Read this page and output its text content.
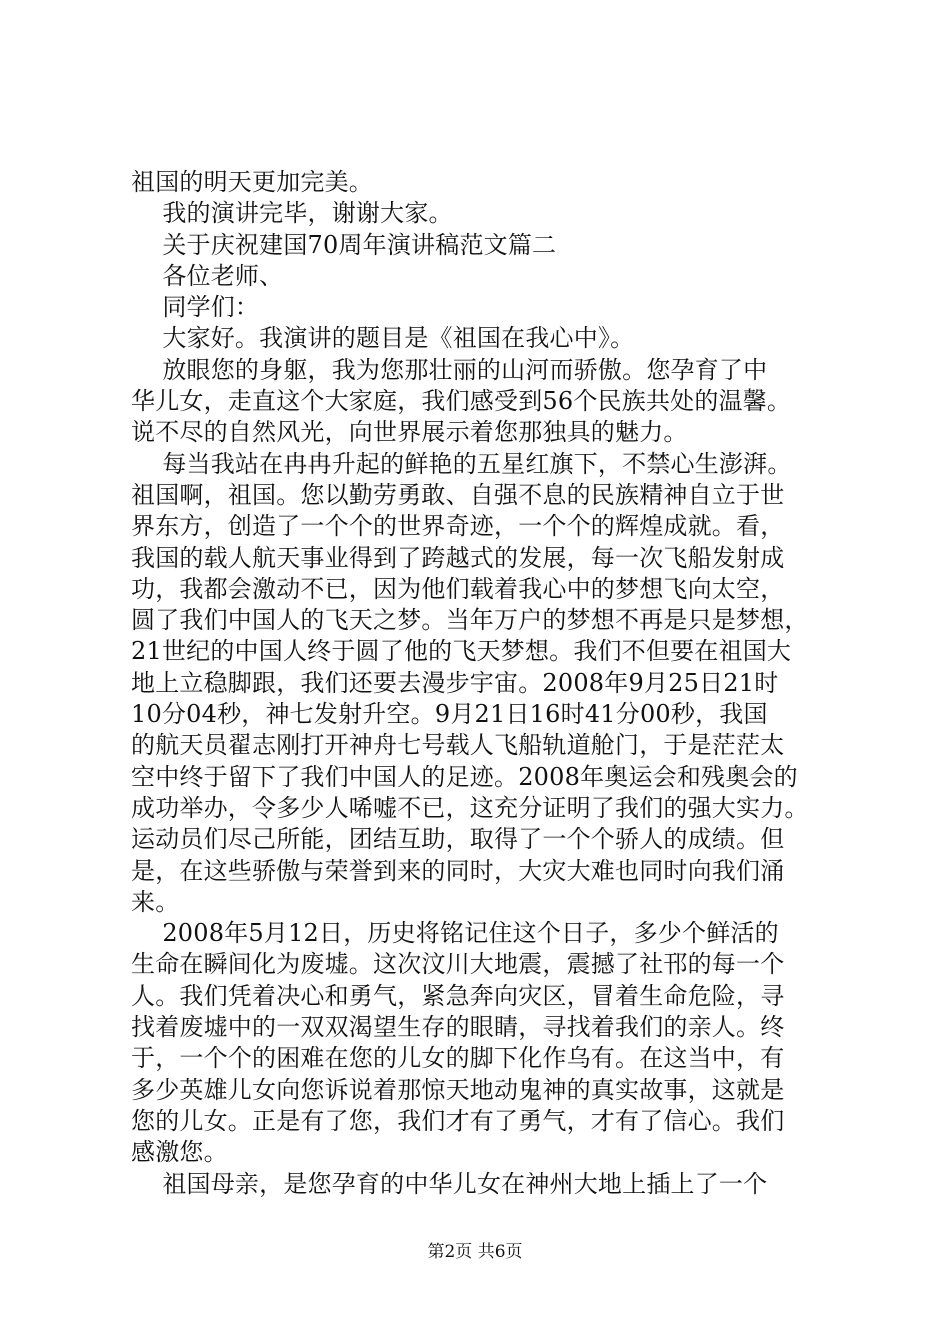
祖国的明天更加完美。
我的演讲完毕，谢谢大家。
关于庆祝建国70周年演讲稿范文篇二
各位老师、
同学们：
大家好。我演讲的题目是《祖国在我心中》。
放眼您的身躯，我为您那壮丽的山河而骄傲。您孕育了中
华儿女，走直这个大家庭，我们感受到56个民族共处的温馨。
说不尽的自然风光，向世界展示着您那独具的魅力。
每当我站在冉冉升起的鲜艳的五星红旗下，不禁心生澎湃。
祖国啊，祖国。您以勤劳勇敢、自强不息的民族精神自立于世
界东方，创造了一个个的世界奇迹，一个个的辉煌成就。看，
我国的载人航天事业得到了跨越式的发展，每一次飞船发射成
功，我都会激动不已，因为他们载着我心中的梦想飞向太空，
圆了我们中国人的飞天之梦。当年万户的梦想不再是只是梦想，
21世纪的中国人终于圆了他的飞天梦想。我们不但要在祖国大
地上立稳脚跟，我们还要去漫步宇宙。2008年9月25日21时
10分04秒，神七发射升空。9月21日16时41分00秒，我国
的航天员翟志刚打开神舟七号载人飞船轨道舱门，于是茫茫太
空中终于留下了我们中国人的足迹。2008年奥运会和残奥会的
成功举办，令多少人唏嘘不已，这充分证明了我们的强大实力。
运动员们尽己所能，团结互助，取得了一个个骄人的成绩。但
是，在这些骄傲与荣誉到来的同时，大灾大难也同时向我们涌
来。
2008年5月12日，历史将铭记住这个日子，多少个鲜活的
生命在瞬间化为废墟。这次汶川大地震，震撼了社邗的每一个
人。我们凭着决心和勇气，紧急奔向灾区，冒着生命危险，寻
找着废墟中的一双双渴望生存的眼睛，寻找着我们的亲人。终
于，一个个的困难在您的儿女的脚下化作乌有。在这当中，有
多少英雄儿女向您诉说着那惊天地动鬼神的真实故事，这就是
您的儿女。正是有了您，我们才有了勇气，才有了信心。我们
感激您。
祖国母亲，是您孕育的中华儿女在神州大地上插上了一个
第2页 共6页
